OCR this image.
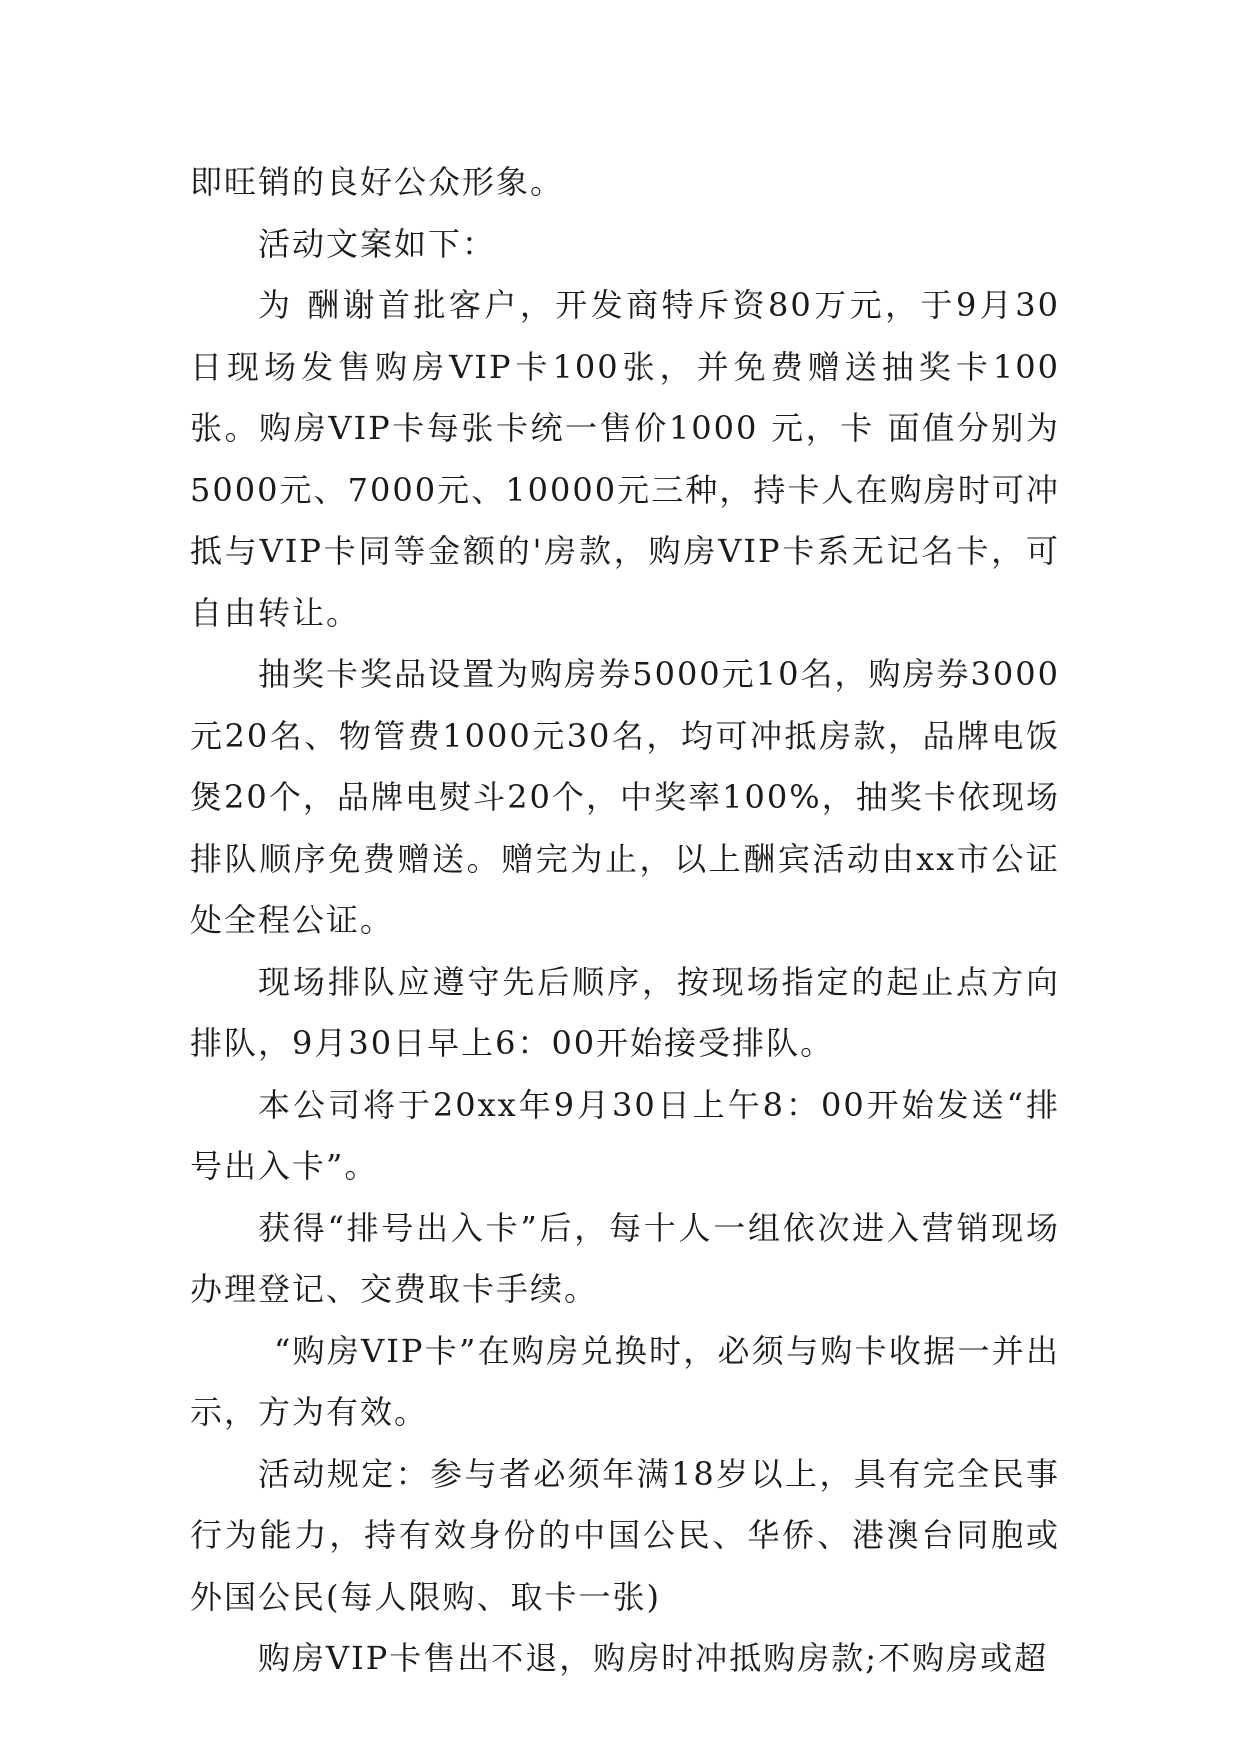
即旺销的良好公众形象。

活动文案如下：

为 酬谢首批客户，开发商特斥资80万元，于9月30日现场发售购房VIP卡100张，并免费赠送抽奖卡100张。购房VIP卡每张卡统一售价1000 元，卡 面值分别为5000元、7000元、10000元三种，持卡人在购房时可冲抵与VIP卡同等金额的'房款，购房VIP卡系无记名卡，可自由转让。

抽奖卡奖品设置为购房券5000元10名，购房券3000元20名、物管费1000元30名，均可冲抵房款，品牌电饭煲20个，品牌电熨斗20个，中奖率100%，抽奖卡依现场排队顺序免费赠送。赠完为止，以上酬宾活动由xx市公证处全程公证。

现场排队应遵守先后顺序，按现场指定的起止点方向排队，9月30日早上6：00开始接受排队。

本公司将于20xx年9月30日上午8：00开始发送“排号出入卡”。

获得“排号出入卡”后，每十人一组依次进入营销现场办理登记、交费取卡手续。

“购房VIP卡”在购房兑换时，必须与购卡收据一并出示，方为有效。

活动规定：参与者必须年满18岁以上，具有完全民事行为能力，持有效身份的中国公民、华侨、港澳台同胞或外国公民(每人限购、取卡一张)

购房VIP卡售出不退，购房时冲抵购房款;不购房或超
